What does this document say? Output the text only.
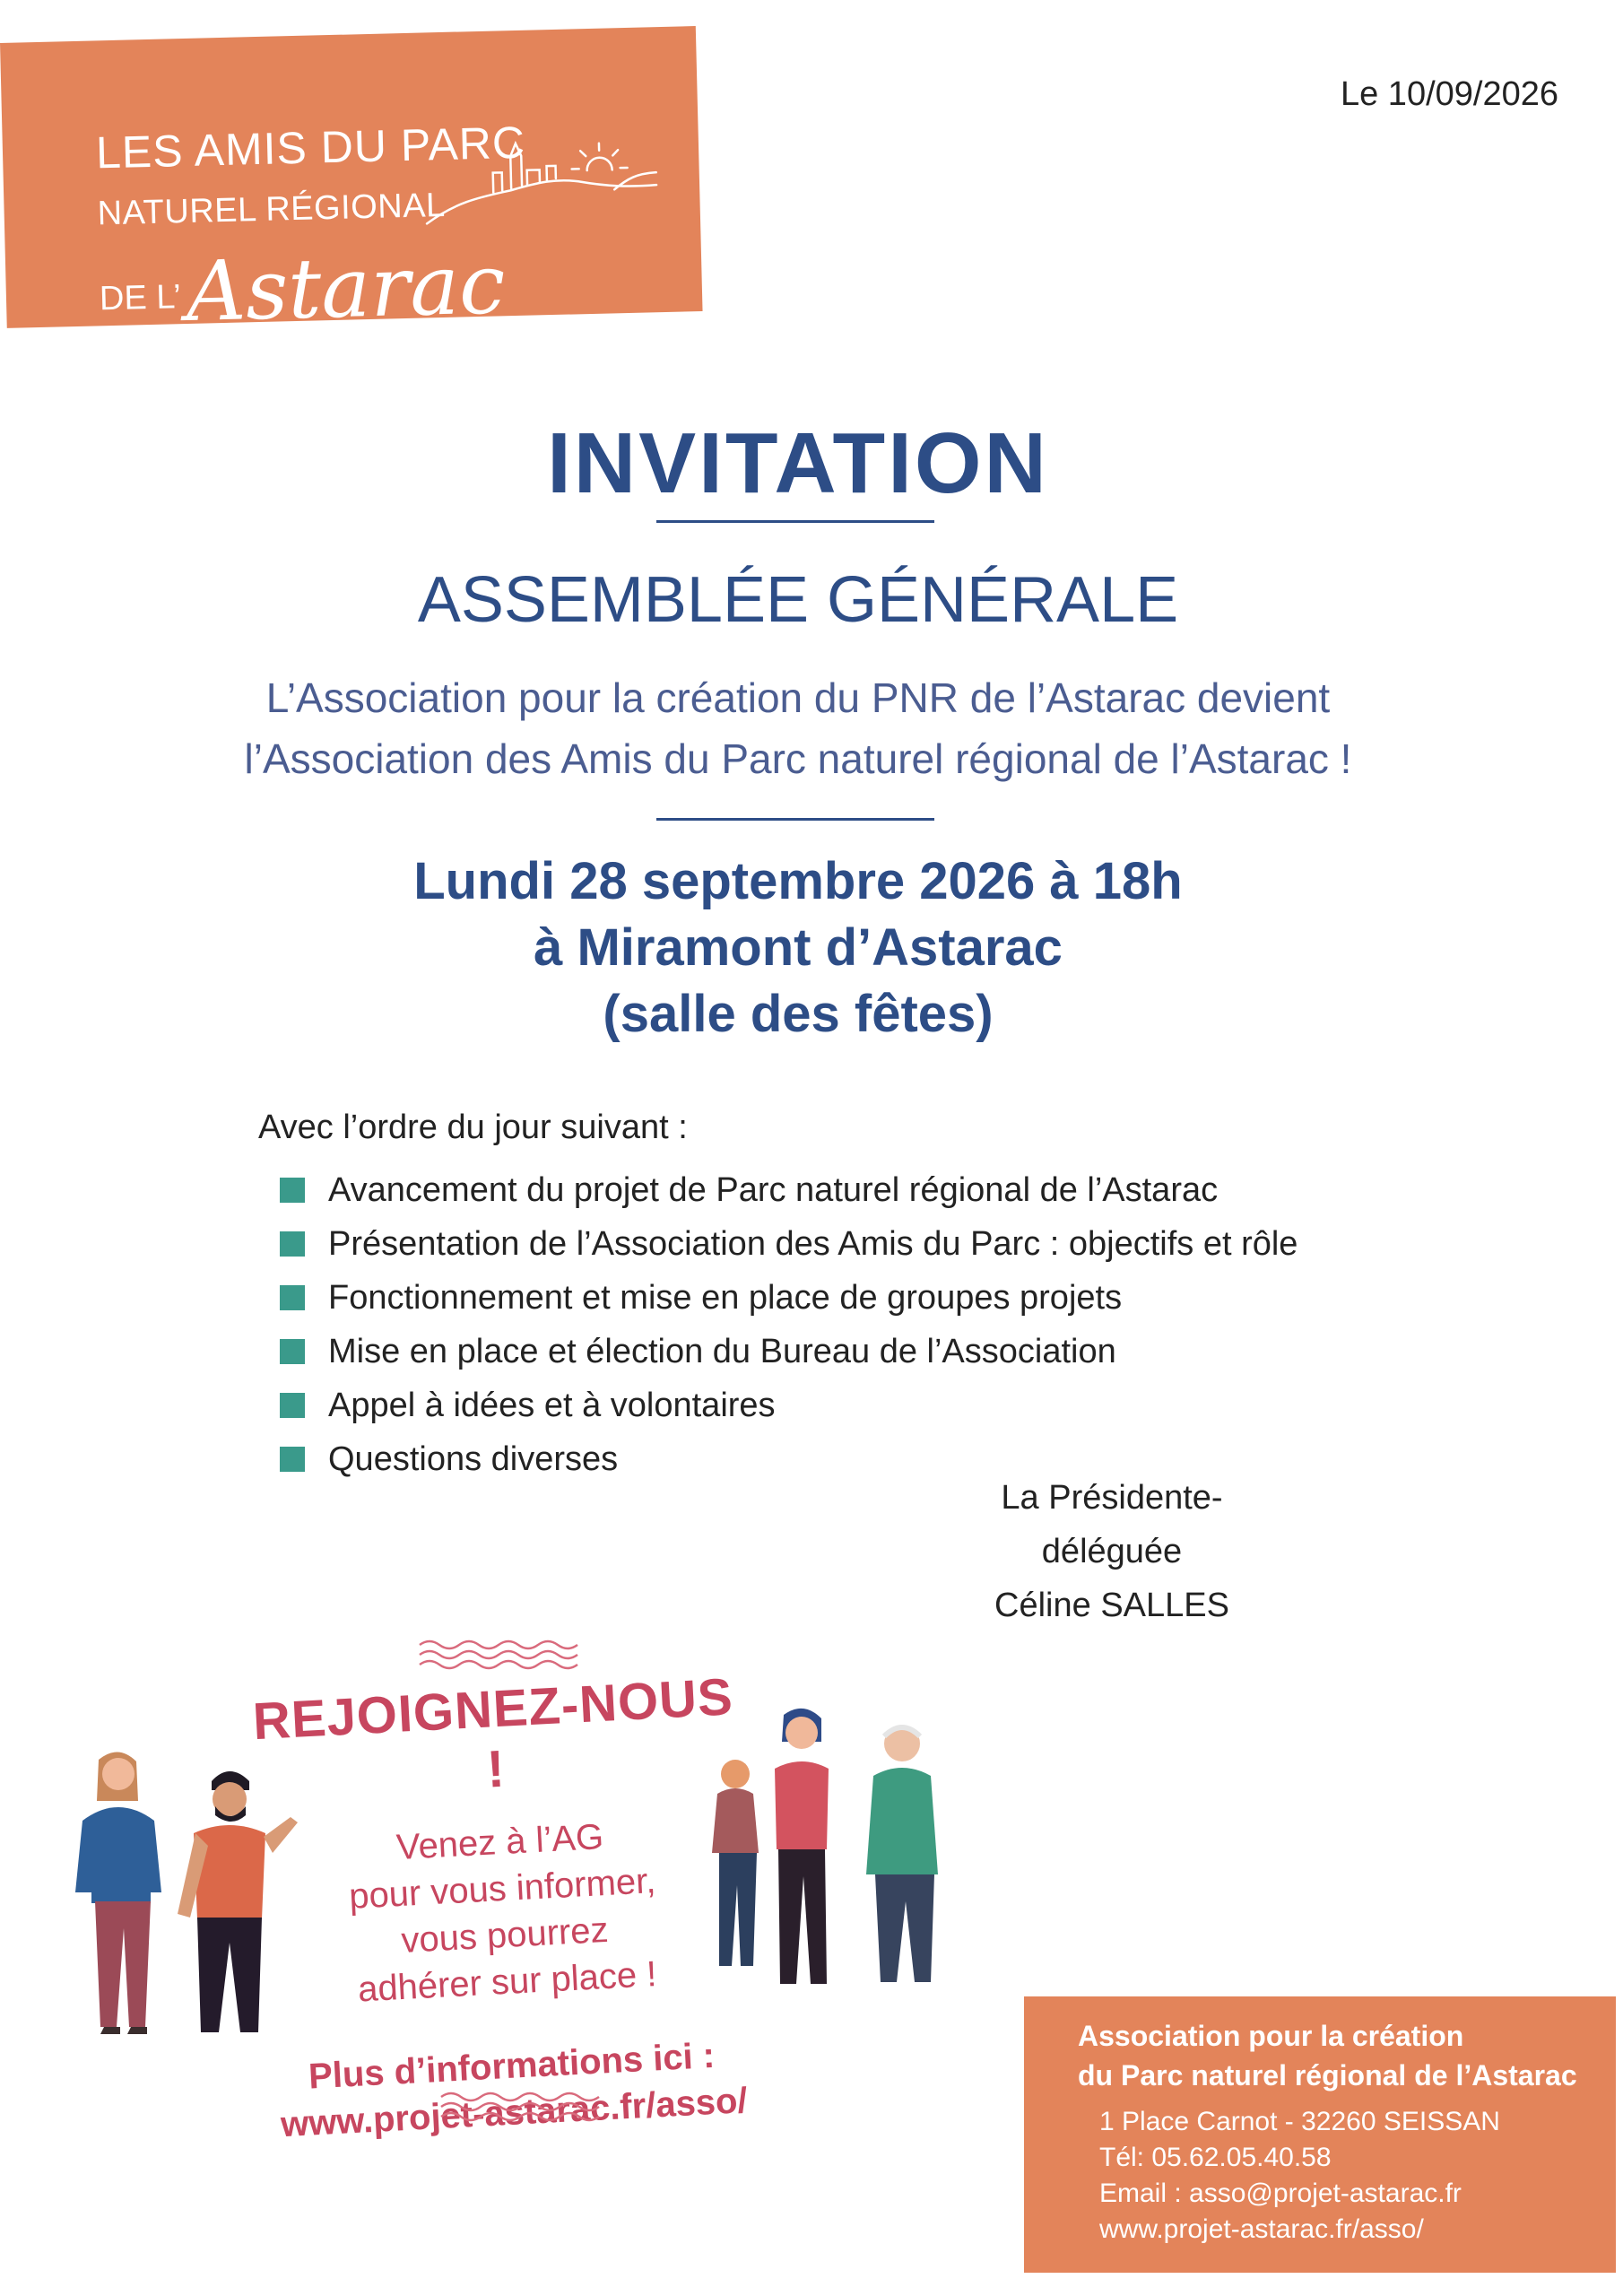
LES AMIS DU PARC
NATUREL RÉGIONAL
DE L’Astarac
Le 10/09/2026
INVITATION
ASSEMBLÉE GÉNÉRALE
L’Association pour la création du PNR de l’Astarac devient
l’Association des Amis du Parc naturel régional de l’Astarac !
Lundi 28 septembre 2026 à 18h
à Miramont d’Astarac
(salle des fêtes)
Avec l’ordre du jour suivant :
Avancement du projet de Parc naturel régional de l’Astarac
Présentation de l’Association des Amis du Parc : objectifs et rôle
Fonctionnement et mise en place de groupes projets
Mise en place et élection du Bureau de l’Association
Appel à idées et à volontaires
Questions diverses
La Présidente-déléguée
Céline SALLES
REJOIGNEZ-NOUS !
Venez à l’AG
pour vous informer,
vous pourrez
adhérer sur place !
Plus d’informations ici :
www.projet-astarac.fr/asso/
Association pour la création
du Parc naturel régional de l’Astarac
1 Place Carnot - 32260 SEISSAN
Tél: 05.62.05.40.58
Email : asso@projet-astarac.fr
www.projet-astarac.fr/asso/
